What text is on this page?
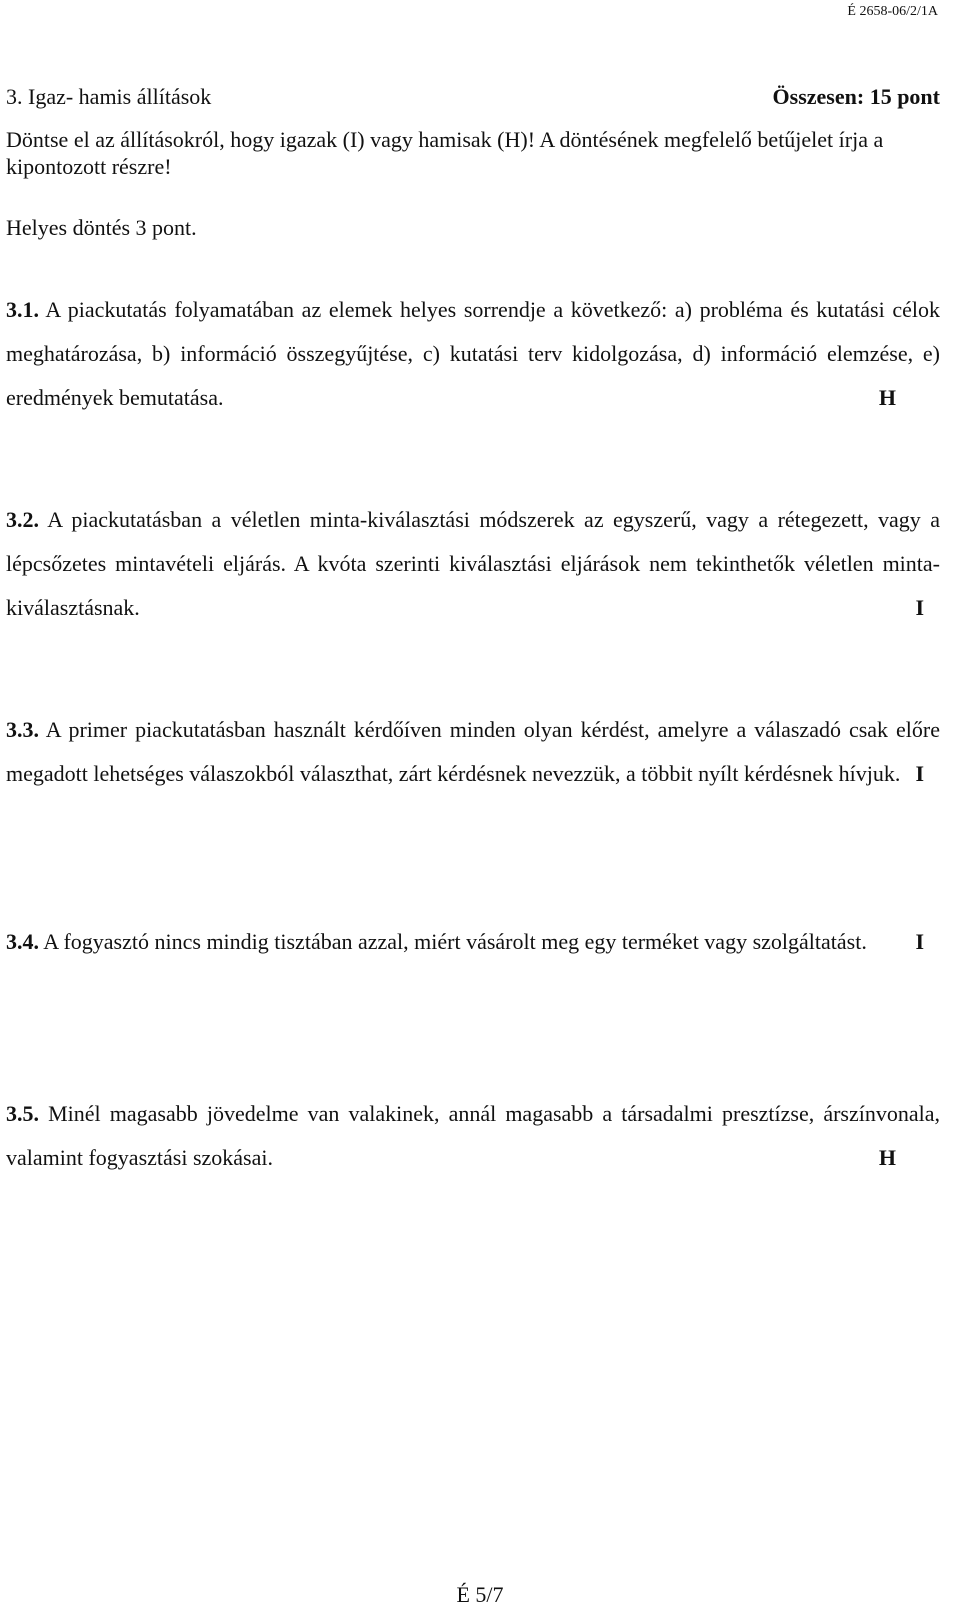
É 2658-06/2/1A
3. Igaz- hamis állítások	Összesen: 15 pont
Döntse el az állításokról, hogy igazak (I) vagy hamisak (H)! A döntésének megfelelő betűjelet írja a kipontozott részre!
Helyes döntés 3 pont.
3.1. A piackutatás folyamatában az elemek helyes sorrendje a következő: a) probléma és kutatási célok meghatározása, b) információ összegyűjtése, c) kutatási terv kidolgozása, d) információ elemzése, e) eredmények bemutatása.	H
3.2. A piackutatásban a véletlen minta-kiválasztási módszerek az egyszerű, vagy a rétegezett, vagy a lépcsőzetes mintavételi eljárás. A kvóta szerinti kiválasztási eljárások nem tekinthetők véletlen minta-kiválasztásnak.	I
3.3. A primer piackutatásban használt kérdőíven minden olyan kérdést, amelyre a válaszadó csak előre megadott lehetséges válaszokból választhat, zárt kérdésnek nevezzük, a többit nyílt kérdésnek hívjuk. I
3.4. A fogyasztó nincs mindig tisztában azzal, miért vásárolt meg egy terméket vagy szolgáltatást.	I
3.5. Minél magasabb jövedelme van valakinek, annál magasabb a társadalmi presztízse, árszínvonala, valamint fogyasztási szokásai.	H
É 5/7
